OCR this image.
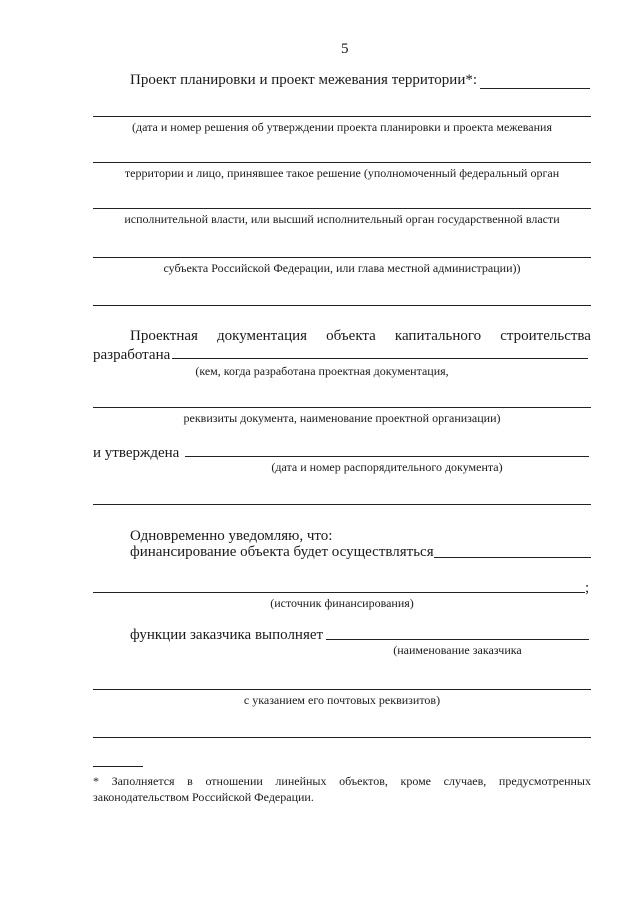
5
Проект планировки и проект межевания территории*:
(дата и номер решения об утверждении проекта планировки и проекта межевания
территории и лицо, принявшее такое решение (уполномоченный федеральный орган
исполнительной власти, или высший исполнительный орган государственной власти
субъекта Российской Федерации, или глава местной администрации))
Проектная документация объекта капитального строительства
разработана
(кем, когда разработана проектная документация,
реквизиты документа, наименование проектной организации)
и утверждена
(дата и номер распорядительного документа)
Одновременно уведомляю, что:
финансирование объекта будет осуществляться
;
(источник финансирования)
функции заказчика выполняет
(наименование заказчика
с указанием его почтовых реквизитов)
* Заполняется в отношении линейных объектов, кроме случаев, предусмотренных
законодательством Российской Федерации.
